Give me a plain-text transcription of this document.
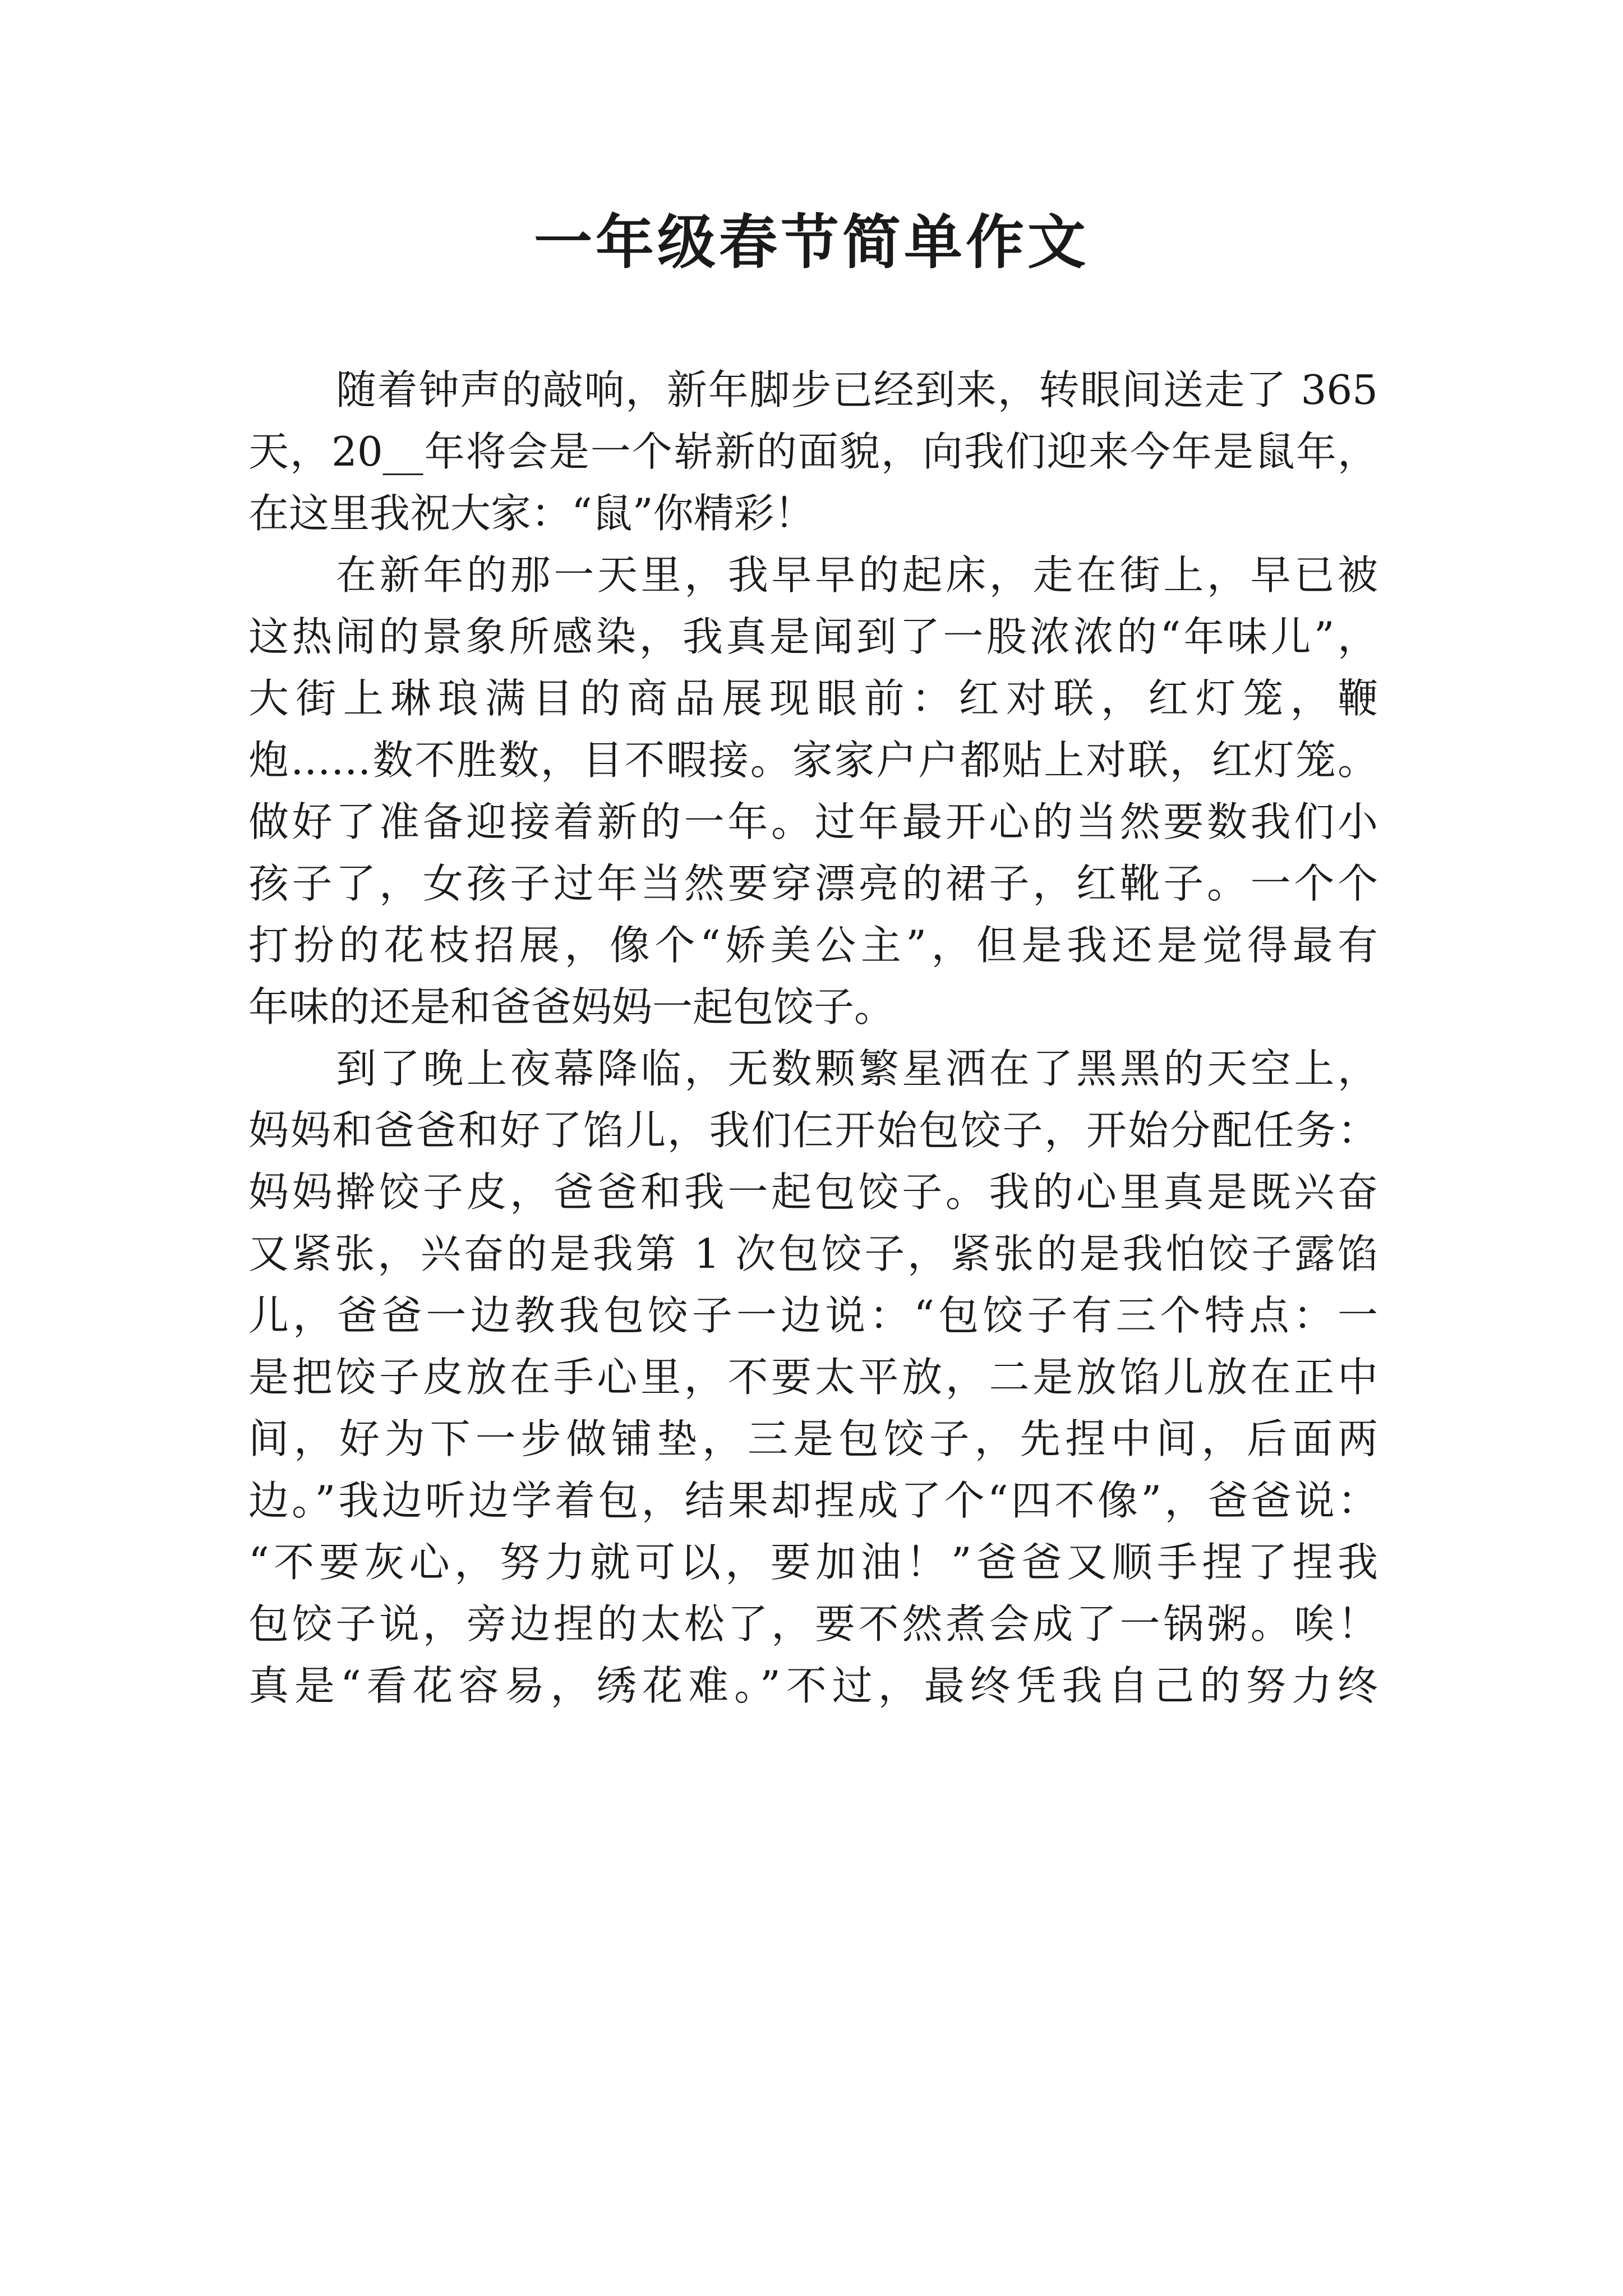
一年级春节简单作文
随着钟声的敲响，新年脚步已经到来，转眼间送走了 365
天，20__年将会是一个崭新的面貌，向我们迎来今年是鼠年，
在这里我祝大家：“鼠”你精彩！
在新年的那一天里，我早早的起床，走在街上，早已被
这热闹的景象所感染，我真是闻到了一股浓浓的“年味儿”，
大街上琳琅满目的商品展现眼前：红对联，红灯笼，鞭
炮……数不胜数，目不暇接。家家户户都贴上对联，红灯笼。
做好了准备迎接着新的一年。过年最开心的当然要数我们小
孩子了，女孩子过年当然要穿漂亮的裙子，红靴子。一个个
打扮的花枝招展，像个“娇美公主”，但是我还是觉得最有
年味的还是和爸爸妈妈一起包饺子。
到了晚上夜幕降临，无数颗繁星洒在了黑黑的天空上，
妈妈和爸爸和好了馅儿，我们仨开始包饺子，开始分配任务：
妈妈擀饺子皮，爸爸和我一起包饺子。我的心里真是既兴奋
又紧张，兴奋的是我第 1 次包饺子，紧张的是我怕饺子露馅
儿，爸爸一边教我包饺子一边说：“包饺子有三个特点：一
是把饺子皮放在手心里，不要太平放，二是放馅儿放在正中
间，好为下一步做铺垫，三是包饺子，先捏中间，后面两
边。”我边听边学着包，结果却捏成了个“四不像”，爸爸说：
“不要灰心，努力就可以，要加油！”爸爸又顺手捏了捏我
包饺子说，旁边捏的太松了，要不然煮会成了一锅粥。唉！
真是“看花容易，绣花难。”不过，最终凭我自己的努力终
